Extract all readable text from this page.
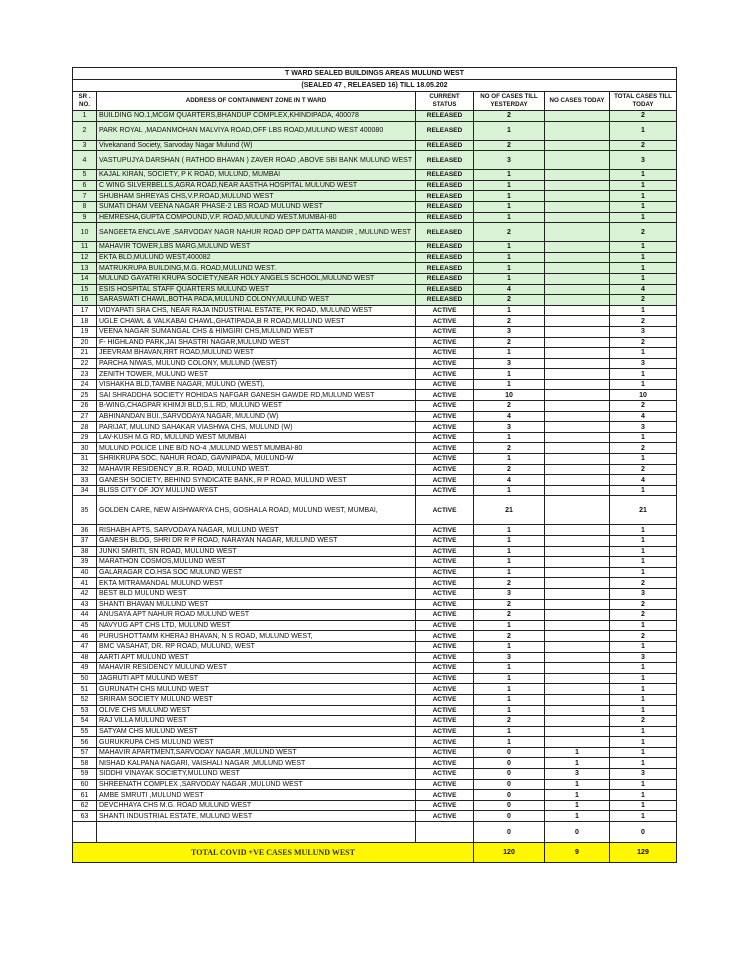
T WARD SEALED BUILDINGS AREAS MULUND WEST					
(SEALED 47 , RELEASED 16) TILL 18.05.202					
SR . NO.	ADDRESS OF CONTAINMENT ZONE IN T WARD	CURRENT STATUS	NO OF CASES TILL YESTERDAY	NO CASES TODAY	TOTAL CASES TILL TODAY
1	BUILDING NO.1,MCGM QUARTERS,BHANDUP COMPLEX,KHINDIPADA, 400078	RELEASED	2		2
2	PARK ROYAL ,MADANMOHAN MALVIYA ROAD,OFF LBS ROAD,MULUND WEST 400080	RELEASED	1		1
3	Vivekanand Society, Sarvoday Nagar Mulund (W)	RELEASED	2		2
4	VASTUPUJYA DARSHAN ( RATHOD BHAVAN ) ZAVER ROAD ,ABOVE SBI BANK MULUND WEST	RELEASED	3		3
5	KAJAL KIRAN, SOCIETY, P K ROAD, MULUND, MUMBAI	RELEASED	1		1
6	C WING SILVERBELLS,AGRA ROAD,NEAR AASTHA HOSPITAL MULUND WEST	RELEASED	1		1
7	SHUBHAM SHREYAS CHS,V.P.ROAD,MULUND WEST	RELEASED	1		1
8	SUMATI DHAM VEENA NAGAR PHASE-2 LBS ROAD MULUND WEST	RELEASED	1		1
9	HEMRESHA,GUPTA COMPOUND,V.P. ROAD,MULUND WEST.MUMBAI-80	RELEASED	1		1
10	SANGEETA ENCLAVE ,SARVODAY NAGR NAHUR ROAD OPP DATTA MANDIR , MULUND WEST	RELEASED	2		2
11	MAHAVIR TOWER,LBS MARG,MULUND WEST	RELEASED	1		1
12	EKTA BLD,MULUND WEST,400082	RELEASED	1		1
13	MATRUKRUPA BUILDING,M.G. ROAD,MULUND WEST.	RELEASED	1		1
14	MULUND GAYATRI KRUPA SOCIETY,NEAR HOLY ANGELS SCHOOL,MULUND WEST	RELEASED	1		1
15	ESIS HOSPITAL STAFF QUARTERS MULUND WEST	RELEASED	4		4
16	SARASWATI CHAWL,BOTHA PADA,MULUND COLONY,MULUND WEST	RELEASED	2		2
17	VIDYAPATI SRA CHS, NEAR RAJA INDUSTRIAL ESTATE, PK ROAD, MULUND WEST	ACTIVE	1		1
18	UGLE CHAWL & VALKABAI CHAWL,GHATIPADA,B R ROAD,MULUND WEST	ACTIVE	2		2
19	VEENA NAGAR SUMANGAL CHS & HIMGIRI CHS,MULUND WEST	ACTIVE	3		3
20	F- HIGHLAND PARK,JAI SHASTRI NAGAR,MULUND WEST	ACTIVE	2		2
21	JEEVRAM BHAVAN,RRT ROAD,MULUND WEST	ACTIVE	1		1
22	PARCHA NIWAS, MULUND COLONY, MULUND (WEST)	ACTIVE	3		3
23	ZENITH TOWER, MULUND WEST	ACTIVE	1		1
24	VISHAKHA BLD,TAMBE NAGAR, MULUND (WEST),	ACTIVE	1		1
25	SAI SHRADDHA SOCIETY ROHIDAS NAFGAR GANESH GAWDE RD,MULUND WEST	ACTIVE	10		10
26	B-WING,CHAGPAR KHIMJI BLD,S.L.RD, MULUND WEST	ACTIVE	2		2
27	ABHINANDAN BUI.,SARVODAYA NAGAR, MULUND (W)	ACTIVE	4		4
28	PARIJAT, MULUND SAHAKAR VIASHWA CHS, MULUND (W)	ACTIVE	3		3
29	LAV-KUSH M.G RD, MULUND WEST MUMBAI	ACTIVE	1		1
30	MULUND POLICE LINE B/D NO-4 ,MULUND WEST MUMBAI-80	ACTIVE	2		2
31	SHRIKRUPA SOC, NAHUR ROAD, GAVNIPADA, MULUND-W	ACTIVE	1		1
32	MAHAVIR RESIDENCY ,B.R. ROAD, MULUND WEST.	ACTIVE	2		2
33	GANESH SOCIETY, BEHIND SYNDICATE BANK, R P ROAD, MULUND WEST	ACTIVE	4		4
34	BLISS CITY OF JOY MULUND WEST	ACTIVE	1		1
35	GOLDEN CARE, NEW AISHWARYA CHS, GOSHALA ROAD, MULUND WEST, MUMBAI,	ACTIVE	21		21
36	RISHABH APTS, SARVODAYA NAGAR, MULUND WEST	ACTIVE	1		1
37	GANESH BLDG, SHRI DR R P ROAD, NARAYAN NAGAR, MULUND WEST	ACTIVE	1		1
38	JUNKI SMRITI, SN ROAD, MULUND WEST	ACTIVE	1		1
39	MARATHON COSMOS,MULUND WEST	ACTIVE	1		1
40	GALARAGAR CO.HSA SOC MULUND WEST	ACTIVE	1		1
41	EKTA MITRAMANDAL MULUND WEST	ACTIVE	2		2
42	BEST BLD MULUND WEST	ACTIVE	3		3
43	SHANTI BHAVAN MULUND WEST	ACTIVE	2		2
44	ANUSAYA APT NAHUR ROAD MULUND WEST	ACTIVE	2		2
45	NAVYUG APT CHS LTD, MULUND WEST	ACTIVE	1		1
46	PURUSHOTTAMM KHERAJ BHAVAN, N S ROAD, MULUND WEST,	ACTIVE	2		2
47	BMC VASAHAT, DR. RP ROAD, MULUND, WEST	ACTIVE	1		1
48	AARTI APT MULUND WEST	ACTIVE	3		3
49	MAHAVIR RESIDENCY MULUND WEST	ACTIVE	1		1
50	JAGRUTI APT MULUND WEST	ACTIVE	1		1
51	GURUNATH CHS MULUND WEST	ACTIVE	1		1
52	SRIRAM SOCIETY MULUND WEST	ACTIVE	1		1
53	OLIVE CHS MULUND WEST	ACTIVE	1		1
54	RAJ VILLA MULUND WEST	ACTIVE	2		2
55	SATYAM CHS MULUND WEST	ACTIVE	1		1
56	GURUKRUPA CHS MULUND WEST	ACTIVE	1		1
57	MAHAVIR APARTMENT,SARVODAY NAGAR ,MULUND WEST	ACTIVE	0	1	1
58	NISHAD KALPANA NAGARI, VAISHALI NAGAR ,MULUND WEST	ACTIVE	0	1	1
59	SIDDHI VINAYAK SOCIETY,MULUND WEST	ACTIVE	0	3	3
60	SHREENATH COMPLEX ,SARVODAY NAGAR ,MULUND WEST	ACTIVE	0	1	1
61	AMBE SMRUTI ,MULUND WEST	ACTIVE	0	1	1
62	DEVCHHAYA CHS M.G. ROAD MULUND WEST	ACTIVE	0	1	1
63	SHANTI INDUSTRIAL ESTATE, MULUND WEST	ACTIVE	0	1	1
			0	0	0
TOTAL COVID +VE CASES MULUND WEST			120	9	129
